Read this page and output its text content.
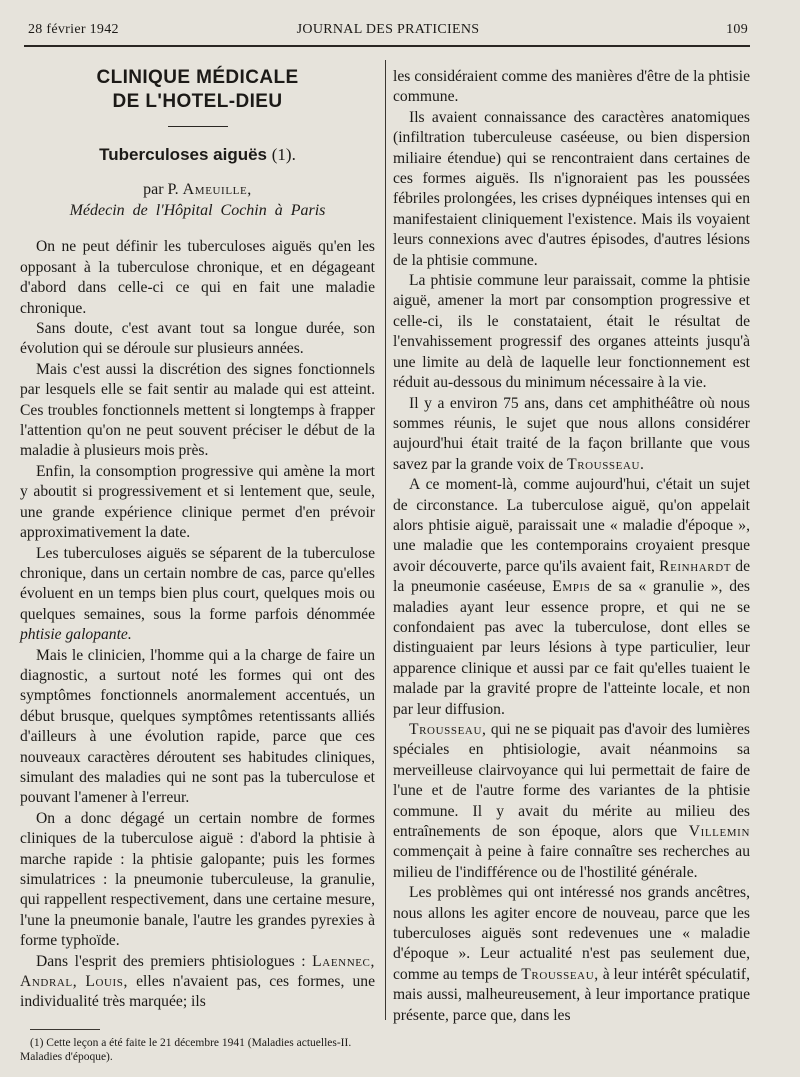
28 février 1942	JOURNAL DES PRATICIENS	109
CLINIQUE MÉDICALE
DE L'HOTEL-DIEU
Tuberculoses aiguës (1).
par P. Ameuille,
Médecin de l'Hôpital Cochin à Paris

On ne peut définir les tuberculoses aiguës qu'en les opposant à la tuberculose chronique, et en dégageant d'abord dans celle-ci ce qui en fait une maladie chronique.

Sans doute, c'est avant tout sa longue durée, son évolution qui se déroule sur plusieurs années.

Mais c'est aussi la discrétion des signes fonctionnels par lesquels elle se fait sentir au malade qui est atteint. Ces troubles fonctionnels mettent si longtemps à frapper l'attention qu'on ne peut souvent préciser le début de la maladie à plusieurs mois près.

Enfin, la consomption progressive qui amène la mort y aboutit si progressivement et si lentement que, seule, une grande expérience clinique permet d'en prévoir approximativement la date.

Les tuberculoses aiguës se séparent de la tuberculose chronique, dans un certain nombre de cas, parce qu'elles évoluent en un temps bien plus court, quelques mois ou quelques semaines, sous la forme parfois dénommée phtisie galopante.

Mais le clinicien, l'homme qui a la charge de faire un diagnostic, a surtout noté les formes qui ont des symptômes fonctionnels anormalement accentués, un début brusque, quelques symptômes retentissants alliés d'ailleurs à une évolution rapide, parce que ces nouveaux caractères déroutent ses habitudes cliniques, simulant des maladies qui ne sont pas la tuberculose et pouvant l'amener à l'erreur.

On a donc dégagé un certain nombre de formes cliniques de la tuberculose aiguë : d'abord la phtisie à marche rapide : la phtisie galopante; puis les formes simulatrices : la pneumonie tuberculeuse, la granulie, qui rappellent respectivement, dans une certaine mesure, l'une la pneumonie banale, l'autre les grandes pyrexies à forme typhoïde.

Dans l'esprit des premiers phtisiologues : Laennec, Andral, Louis, elles n'avaient pas, ces formes, une individualité très marquée; ils

(1) Cette leçon a été faite le 21 décembre 1941 (Maladies actuelles-II. Maladies d'époque).

les considéraient comme des manières d'être de la phtisie commune.

Ils avaient connaissance des caractères anatomiques (infiltration tuberculeuse caséeuse, ou bien dispersion miliaire étendue) qui se rencontraient dans certaines de ces formes aiguës. Ils n'ignoraient pas les poussées fébriles prolongées, les crises dypnéiques intenses qui en manifestaient cliniquement l'existence. Mais ils voyaient leurs connexions avec d'autres épisodes, d'autres lésions de la phtisie commune.

La phtisie commune leur paraissait, comme la phtisie aiguë, amener la mort par consomption progressive et celle-ci, ils le constataient, était le résultat de l'envahissement progressif des organes atteints jusqu'à une limite au delà de laquelle leur fonctionnement est réduit au-dessous du minimum nécessaire à la vie.

Il y a environ 75 ans, dans cet amphithéâtre où nous sommes réunis, le sujet que nous allons considérer aujourd'hui était traité de la façon brillante que vous savez par la grande voix de Trousseau.

A ce moment-là, comme aujourd'hui, c'était un sujet de circonstance. La tuberculose aiguë, qu'on appelait alors phtisie aiguë, paraissait une « maladie d'époque », une maladie que les contemporains croyaient presque avoir découverte, parce qu'ils avaient fait, Reinhardt de la pneumonie caséeuse, Empis de sa « granulie », des maladies ayant leur essence propre, et qui ne se confondaient pas avec la tuberculose, dont elles se distinguaient par leurs lésions à type particulier, leur apparence clinique et aussi par ce fait qu'elles tuaient le malade par la gravité propre de l'atteinte locale, et non par leur diffusion.

Trousseau, qui ne se piquait pas d'avoir des lumières spéciales en phtisiologie, avait néanmoins sa merveilleuse clairvoyance qui lui permettait de faire de l'une et de l'autre forme des variantes de la phtisie commune. Il y avait du mérite au milieu des entraînements de son époque, alors que Villemin commençait à peine à faire connaître ses recherches au milieu de l'indifférence ou de l'hostilité générale.

Les problèmes qui ont intéressé nos grands ancêtres, nous allons les agiter encore de nouveau, parce que les tuberculoses aiguës sont redevenues une « maladie d'époque ». Leur actualité n'est pas seulement due, comme au temps de Trousseau, à leur intérêt spéculatif, mais aussi, malheureusement, à leur importance pratique présente, parce que, dans les
